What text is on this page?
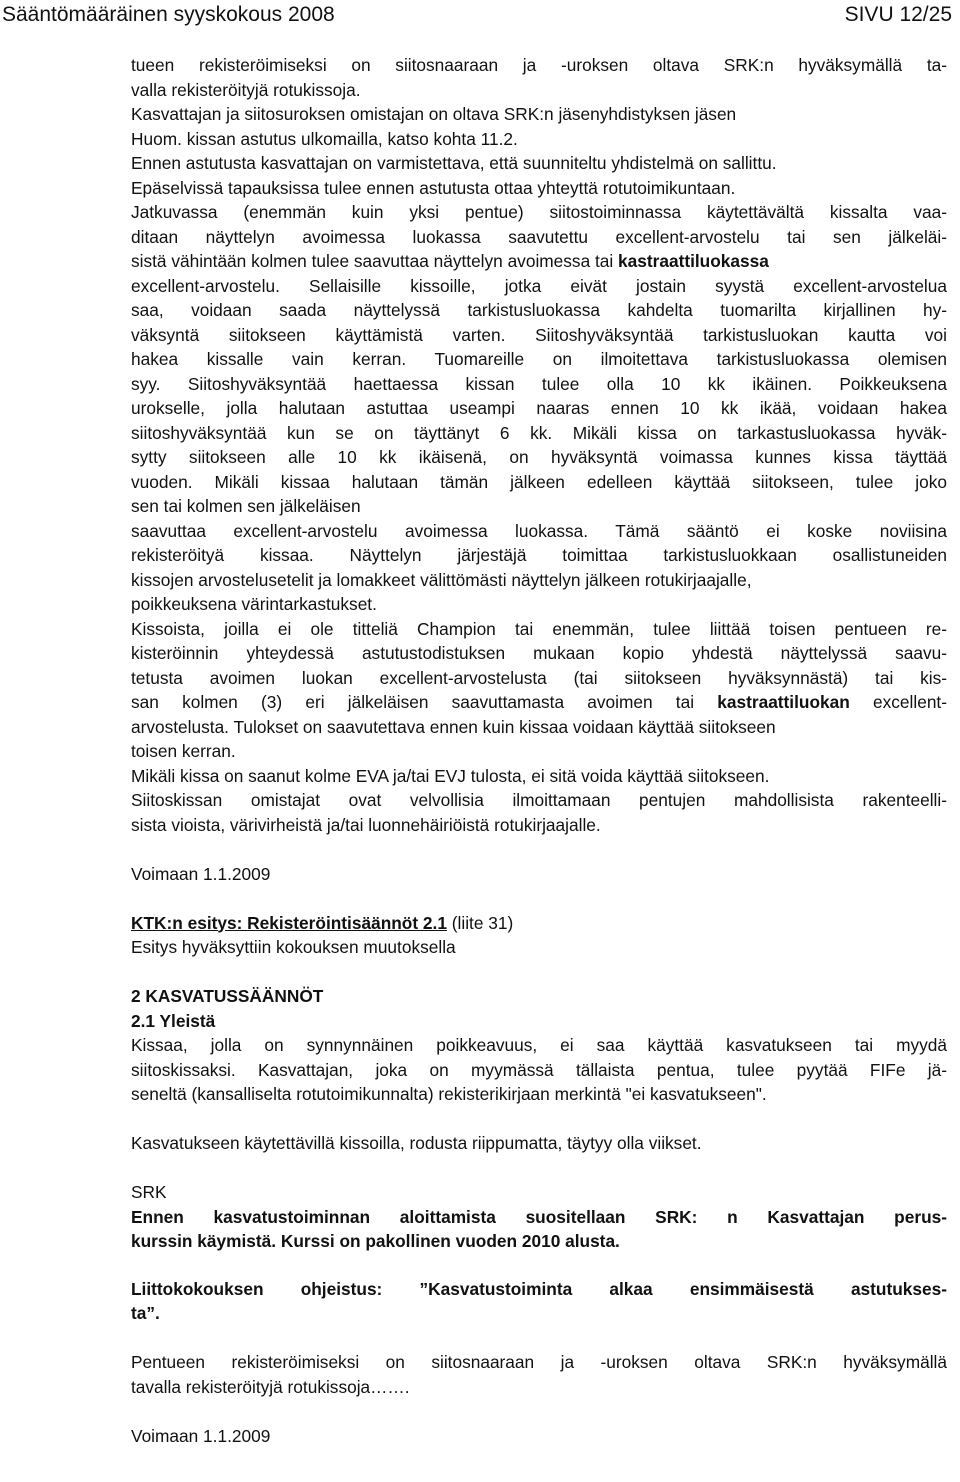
Sääntömääräinen syyskokous 2008	SIVU 12/25

tueen rekisteröimiseksi on siitosnaaraan ja -uroksen oltava SRK:n hyväksymällä ta-
valla rekisteröityjä rotukissoja.
Kasvattajan ja siitosuroksen omistajan on oltava SRK:n jäsenyhdistyksen jäsen
Huom. kissan astutus ulkomailla, katso kohta 11.2.
Ennen astutusta kasvattajan on varmistettava, että suunniteltu yhdistelmä on sallittu.
Epäselvissä tapauksissa tulee ennen astutusta ottaa yhteyttä rotutoimikuntaan.
Jatkuvassa (enemmän kuin yksi pentue) siitostoiminnassa käytettävältä kissalta vaa-
ditaan näyttelyn avoimessa luokassa saavutettu excellent-arvostelu tai sen jälkeläi-
sistä vähintään kolmen tulee saavuttaa näyttelyn avoimessa tai kastraattiluokassa
excellent-arvostelu. Sellaisille kissoille, jotka eivät jostain syystä excellent-arvostelua
saa, voidaan saada näyttelyssä tarkistusluokassa kahdelta tuomarilta kirjallinen hy-
väksyntä siitokseen käyttämistä varten. Siitoshyväksyntää tarkistusluokan kautta voi
hakea kissalle vain kerran. Tuomareille on ilmoitettava tarkistusluokassa olemisen
syy. Siitoshyväksyntää haettaessa kissan tulee olla 10 kk ikäinen. Poikkeuksena
urokselle, jolla halutaan astuttaa useampi naaras ennen 10 kk ikää, voidaan hakea
siitoshyväksyntää kun se on täyttänyt 6 kk. Mikäli kissa on tarkastusluokassa hyväk-
sytty siitokseen alle 10 kk ikäisenä, on hyväksyntä voimassa kunnes kissa täyttää
vuoden. Mikäli kissaa halutaan tämän jälkeen edelleen käyttää siitokseen, tulee joko
sen tai kolmen sen jälkeläisen
saavuttaa excellent-arvostelu avoimessa luokassa. Tämä sääntö ei koske noviisina
rekisteröityä kissaa. Näyttelyn järjestäjä toimittaa tarkistusluokkaan osallistuneiden
kissojen arvostelusetelit ja lomakkeet välittömästi näyttelyn jälkeen rotukirjaajalle,
poikkeuksena värintarkastukset.
Kissoista, joilla ei ole titteliä Champion tai enemmän, tulee liittää toisen pentueen re-
kisteröinnin yhteydessä astutustodistuksen mukaan kopio yhdestä näyttelyssä saavu-
tetusta avoimen luokan excellent-arvostelusta (tai siitokseen hyväksynnästä) tai kis-
san kolmen (3) eri jälkeläisen saavuttamasta avoimen tai kastraattiluokan excellent-
arvostelusta. Tulokset on saavutettava ennen kuin kissaa voidaan käyttää siitokseen
toisen kerran.
Mikäli kissa on saanut kolme EVA ja/tai EVJ tulosta, ei sitä voida käyttää siitokseen.
Siitoskissan omistajat ovat velvollisia ilmoittamaan pentujen mahdollisista rakenteelli-
sista vioista, värivirheistä ja/tai luonnehäiriöistä rotukirjaajalle.

Voimaan 1.1.2009

KTK:n esitys: Rekisteröintisäännöt 2.1 (liite 31)

Esitys hyväksyttiin kokouksen muutoksella

2 KASVATUSSÄÄNNÖT

2.1 Yleistä

Kissaa, jolla on synnynnäinen poikkeavuus, ei saa käyttää kasvatukseen tai myydä
siitoskissaksi. Kasvattajan, joka on myymässä tällaista pentua, tulee pyytää FIFe jä-
seneltä (kansalliselta rotutoimikunnalta) rekisterikirjaan merkintä "ei kasvatukseen".

Kasvatukseen käytettävillä kissoilla, rodusta riippumatta, täytyy olla viikset.

SRK

Ennen kasvatustoiminnan aloittamista suositellaan SRK: n Kasvattajan perus-
kurssin käymistä. Kurssi on pakollinen vuoden 2010 alusta.

Liittokokouksen ohjeistus: ”Kasvatustoiminta alkaa ensimmäisestä astutukses-
ta”.

Pentueen rekisteröimiseksi on siitosnaaraan ja -uroksen oltava SRK:n hyväksymällä
tavalla rekisteröityjä rotukissoja…….

Voimaan 1.1.2009
